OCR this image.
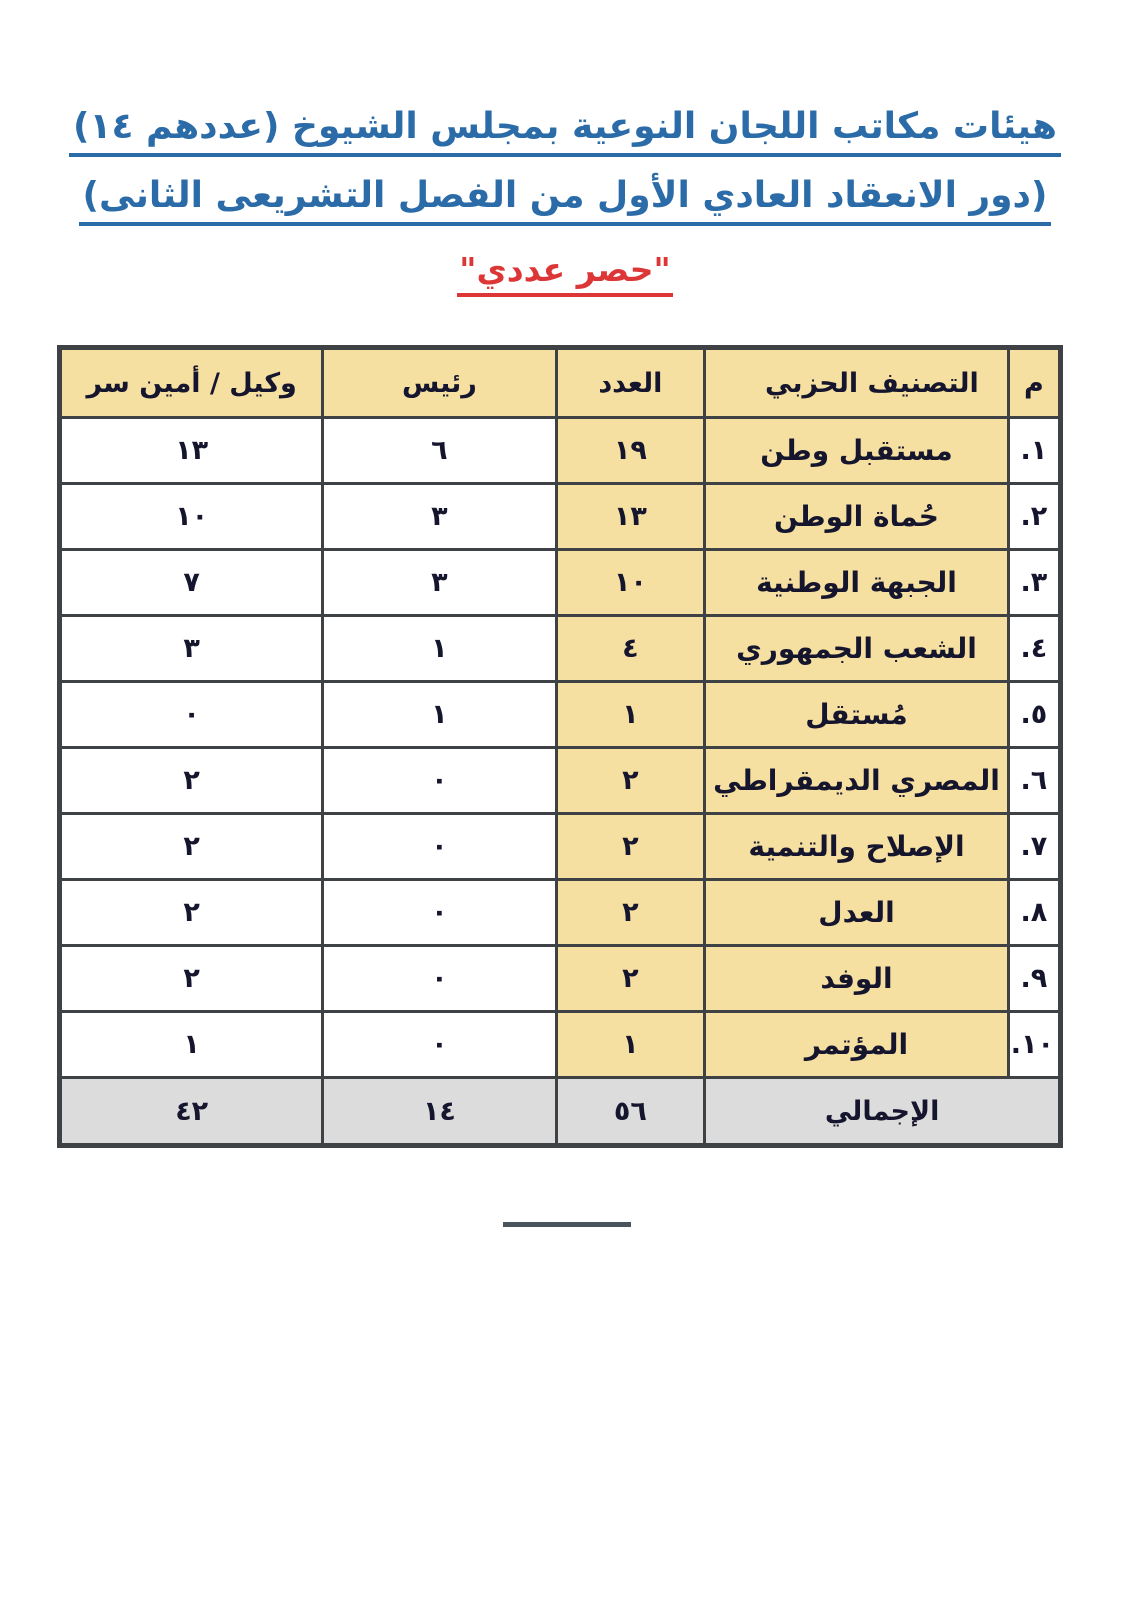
هيئات مكاتب اللجان النوعية بمجلس الشيوخ (عددهم ١٤)
(دور الانعقاد العادي الأول من الفصل التشريعى الثانى)
"حصر عددي"
م	التصنيف الحزبي	العدد	رئيس	وكيل / أمين سر
١.	مستقبل وطن	١٩	٦	١٣
٢.	حُماة الوطن	١٣	٣	١٠
٣.	الجبهة الوطنية	١٠	٣	٧
٤.	الشعب الجمهوري	٤	١	٣
٥.	مُستقل	١	١	٠
٦.	المصري الديمقراطي	٢	٠	٢
٧.	الإصلاح والتنمية	٢	٠	٢
٨.	العدل	٢	٠	٢
٩.	الوفد	٢	٠	٢
١٠.	المؤتمر	١	٠	١
الإجمالي		٥٦	١٤	٤٢
